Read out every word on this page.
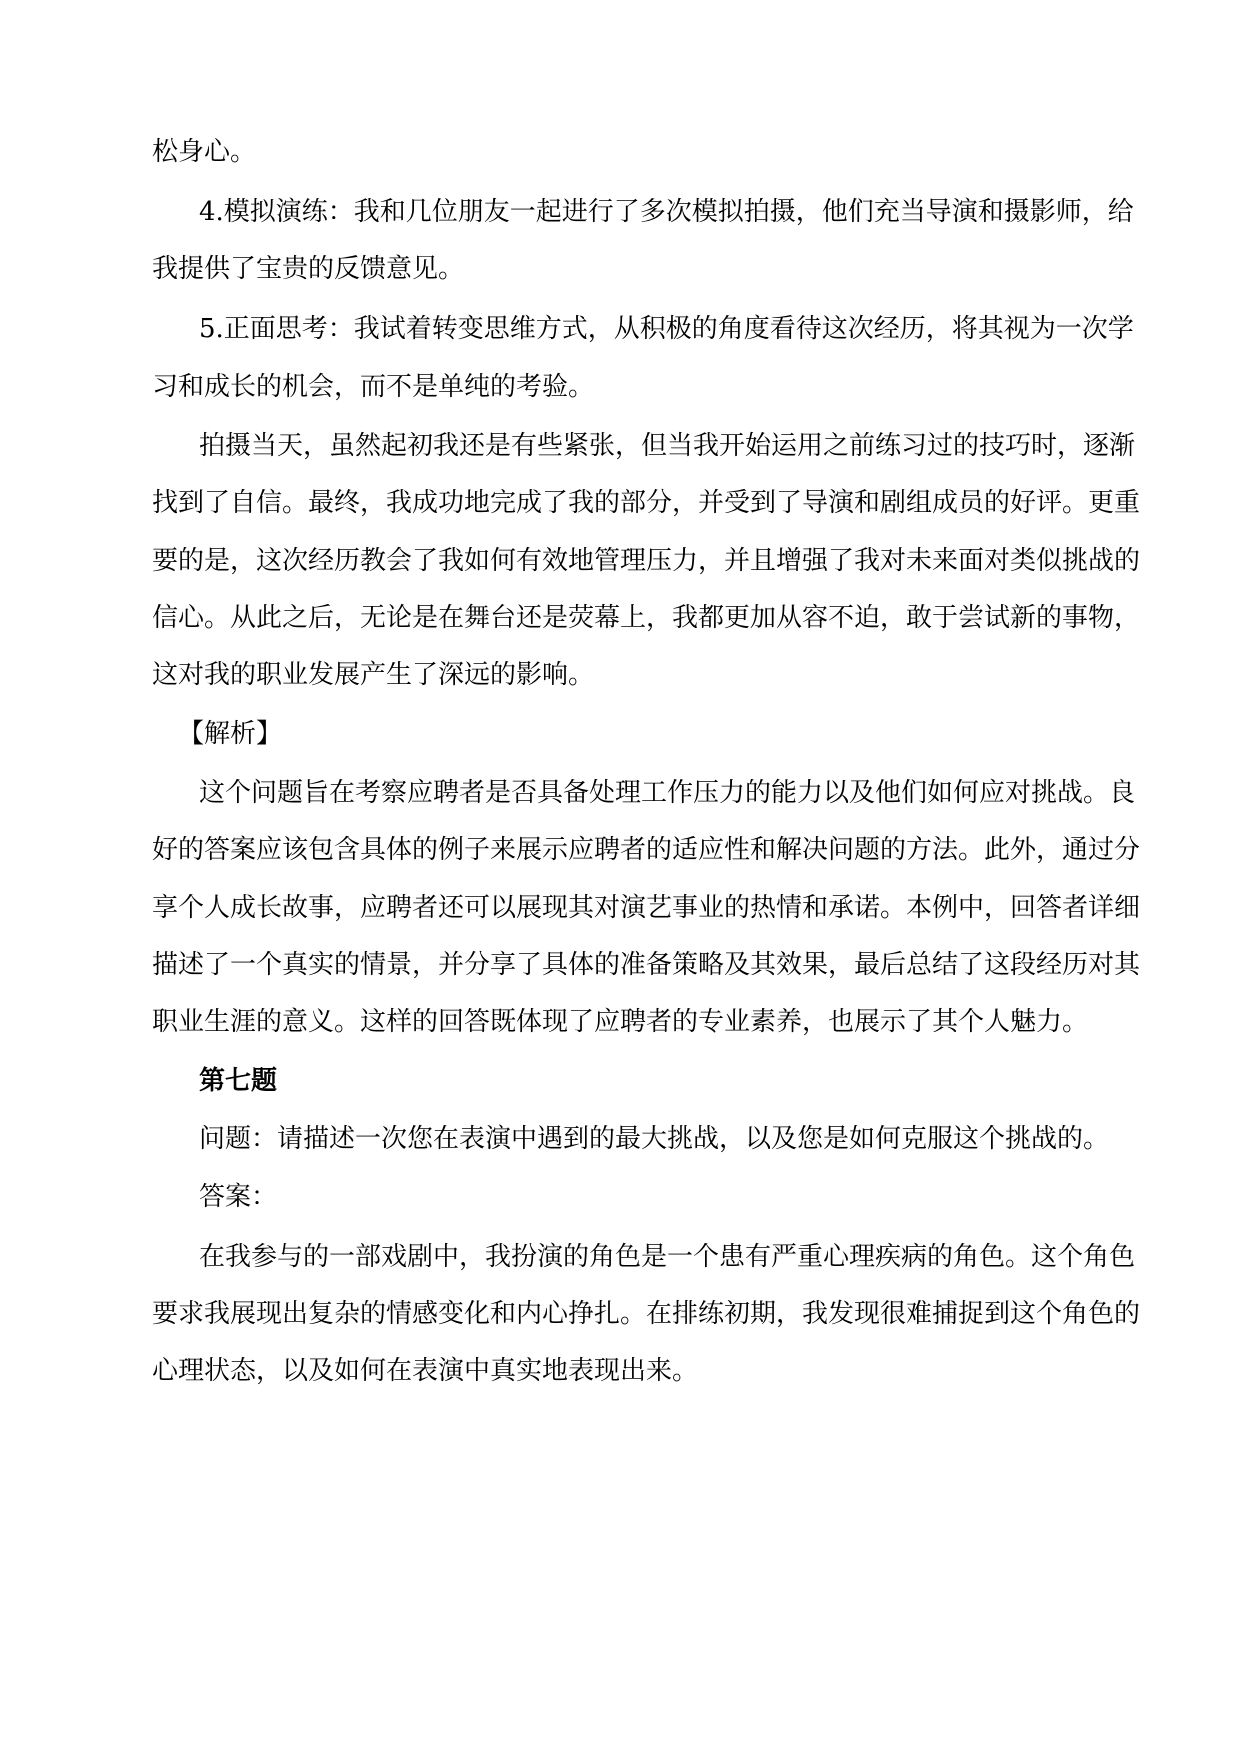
松身心。
4.模拟演练：我和几位朋友一起进行了多次模拟拍摄，他们充当导演和摄影师，给
我提供了宝贵的反馈意见。
5.正面思考：我试着转变思维方式，从积极的角度看待这次经历，将其视为一次学
习和成长的机会，而不是单纯的考验。
拍摄当天，虽然起初我还是有些紧张，但当我开始运用之前练习过的技巧时，逐渐
找到了自信。最终，我成功地完成了我的部分，并受到了导演和剧组成员的好评。更重
要的是，这次经历教会了我如何有效地管理压力，并且增强了我对未来面对类似挑战的
信心。从此之后，无论是在舞台还是荧幕上，我都更加从容不迫，敢于尝试新的事物，
这对我的职业发展产生了深远的影响。
【解析】
这个问题旨在考察应聘者是否具备处理工作压力的能力以及他们如何应对挑战。良
好的答案应该包含具体的例子来展示应聘者的适应性和解决问题的方法。此外，通过分
享个人成长故事，应聘者还可以展现其对演艺事业的热情和承诺。本例中，回答者详细
描述了一个真实的情景，并分享了具体的准备策略及其效果，最后总结了这段经历对其
职业生涯的意义。这样的回答既体现了应聘者的专业素养，也展示了其个人魅力。
第七题
问题：请描述一次您在表演中遇到的最大挑战，以及您是如何克服这个挑战的。
答案：
在我参与的一部戏剧中，我扮演的角色是一个患有严重心理疾病的角色。这个角色
要求我展现出复杂的情感变化和内心挣扎。在排练初期，我发现很难捕捉到这个角色的
心理状态，以及如何在表演中真实地表现出来。
